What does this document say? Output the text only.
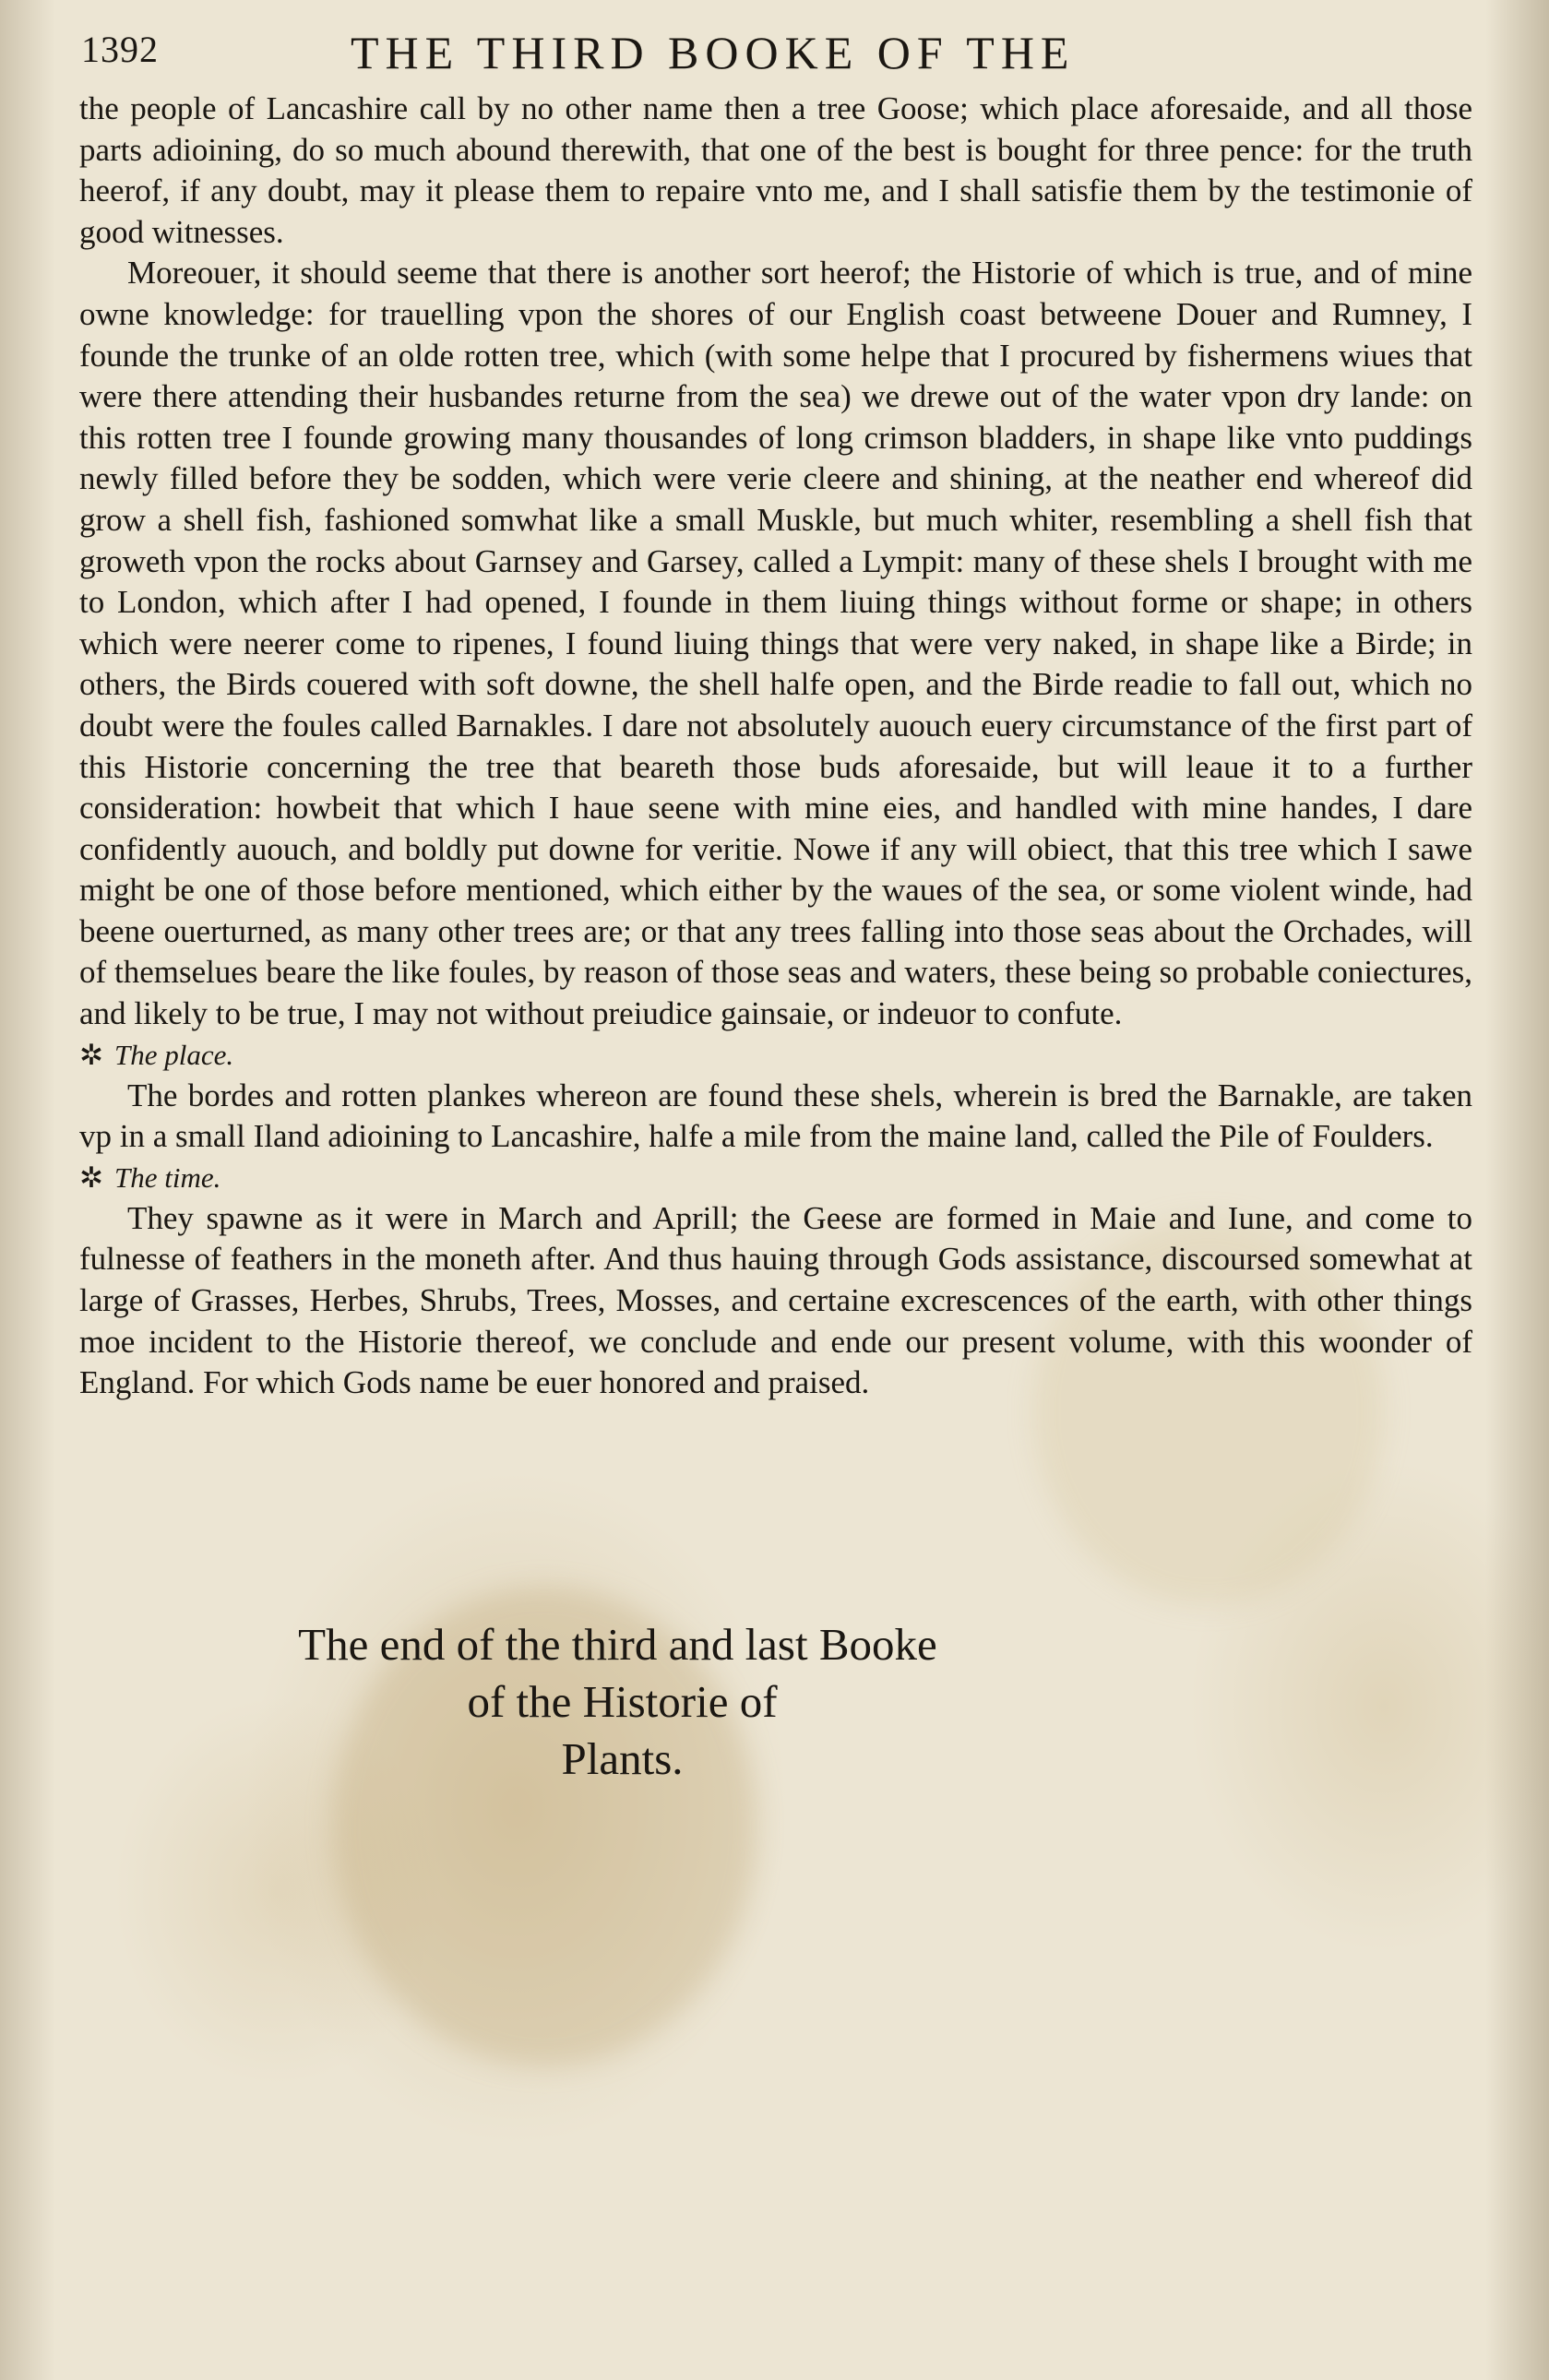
1392	THE THIRD BOOKE OF THE

the people of Lancashire call by no other name then a tree Goose; which place aforesaide, and all those parts adioining, do so much abound therewith, that one of the best is bought for three pence: for the truth heerof, if any doubt, may it please them to repaire vnto me, and I shall satisfie them by the testimonie of good witnesses.

Moreouer, it should seeme that there is another sort heerof; the Historie of which is true, and of mine owne knowledge: for trauelling vpon the shores of our English coast betweene Douer and Rumney, I founde the trunke of an olde rotten tree, which (with some helpe that I procured by fishermens wiues that were there attending their husbandes returne from the sea) we drewe out of the water vpon dry lande: on this rotten tree I founde growing many thousandes of long crimson bladders, in shape like vnto puddings newly filled before they be sodden, which were verie cleere and shining, at the neather end whereof did grow a shell fish, fashioned somwhat like a small Muskle, but much whiter, resembling a shell fish that groweth vpon the rocks about Garnsey and Garsey, called a Lympit: many of these shels I brought with me to London, which after I had opened, I founde in them liuing things without forme or shape; in others which were neerer come to ripenes, I found liuing things that were very naked, in shape like a Birde; in others, the Birds couered with soft downe, the shell halfe open, and the Birde readie to fall out, which no doubt were the foules called Barnakles. I dare not absolutely auouch euery circumstance of the first part of this Historie concerning the tree that beareth those buds aforesaide, but will leaue it to a further consideration: howbeit that which I haue seene with mine eies, and handled with mine handes, I dare confidently auouch, and boldly put downe for veritie. Nowe if any will obiect, that this tree which I sawe might be one of those before mentioned, which either by the waues of the sea, or some violent winde, had beene ouerturned, as many other trees are; or that any trees falling into those seas about the Orchades, will of themselues beare the like foules, by reason of those seas and waters, these being so probable coniectures, and likely to be true, I may not without preiudice gainsaie, or indeuor to confute.

✲ The place.

The bordes and rotten plankes whereon are found these shels, wherein is bred the Barnakle, are taken vp in a small Iland adioining to Lancashire, halfe a mile from the maine land, called the Pile of Foulders.

✲ The time.

They spawne as it were in March and Aprill; the Geese are formed in Maie and Iune, and come to fulnesse of feathers in the moneth after. And thus hauing through Gods assistance, discoursed somewhat at large of Grasses, Herbes, Shrubs, Trees, Mosses, and certaine excrescences of the earth, with other things moe incident to the Historie thereof, we conclude and ende our present volume, with this woonder of England. For which Gods name be euer honored and praised.

The end of the third and last Booke
of the Historie of
Plants.
